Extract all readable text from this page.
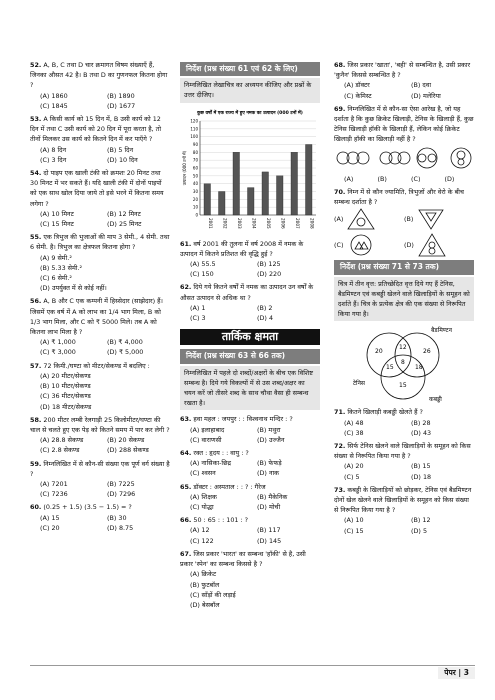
52. A, B, C तथा D चार क्रमागत विषम संख्याएँ हैं, जिनका औसत 42 है। B तथा D का गुणनफल कितना होगा ?
(A) 1860	(B) 1890
(C) 1845	(D) 1677
53. A किसी कार्य को 15 दिन में, B उसी कार्य को 12 दिन में तथा C उसी कार्य को 20 दिन में पूरा करता है, तो तीनों मिलकर उस कार्य को कितने दिन में कर पाएँगे ?
(A) 8 दिन	(B) 5 दिन
(C) 3 दिन	(D) 10 दिन
54. दो पाइप एक खाली टंकी को क्रमशः 20 मिनट तथा 30 मिनट में भर सकते हैं। यदि खाली टंकी में दोनों पाइपों को एक साथ खोल दिया जाये तो इसे भरने में कितना समय लगेगा ?
(A) 10 मिनट	(B) 12 मिनट
(C) 15 मिनट	(D) 25 मिनट
55. एक त्रिभुज की भुजाओं की माप 3 सेमी., 4 सेमी. तथा 6 सेमी. है। त्रिभुज का क्षेत्रफल कितना होगा ?
(A) 9 सेमी.²
(B) 5.33 सेमी.²
(C) 6 सेमी.²
(D) उपर्युक्त में से कोई नहीं।
56. A, B और C एक कम्पनी में हिस्सेदार (साझेदार) हैं। जिसमें एक वर्ष में A को लाभ का 1/4 भाग मिला, B को 1/3 भाग मिला, और C को ₹ 5000 मिले। तब A को कितना लाभ मिला है ?
(A) ₹ 1,000	(B) ₹ 4,000
(C) ₹ 3,000	(D) ₹ 5,000
57. 72 किमी./घण्टा को मीटर/सेकण्ड में बदलिए :
(A) 20 मीटर/सेकण्ड
(B) 10 मीटर/सेकण्ड
(C) 36 मीटर/सेकण्ड
(D) 18 मीटर/सेकण्ड
58. 200 मीटर लम्बी रेलगाड़ी 25 किलोमीटर/घण्टा की चाल से चलते हुए एक पेड़ को कितने समय में पार कर लेगी ?
(A) 28.8 सेकण्ड	(B) 20 सेकण्ड
(C) 2.8 सेकण्ड	(D) 288 सेकण्ड
59. निम्नलिखित में से कौन-सी संख्या एक पूर्ण वर्ग संख्या है ?
(A) 7201	(B) 7225
(C) 7236	(D) 7296
60. (0.25 + 1.5) (3.5 − 1.5) = ?
(A) 15	(B) 30
(C) 20	(D) 8.75
निर्देश (प्रश्न संख्या 61 एवं 62 के लिए)
निम्नलिखित लेखाचित्र का अध्ययन कीजिए और प्रश्नों के उत्तर दीजिए।
कुछ वर्षों में एक राज्य में हुए नमक का उत्पादन (000 टनों में)
0
10
20
30
40
50
60
70
80
90
100
110
120
उत्पादन (000 टनों में)
2001 2002 2003 2004 2005 2006 2007 2008
61. वर्ष 2001 की तुलना में वर्ष 2008 में नमक के उत्पादन में कितने प्रतिशत की वृद्धि हुई ?
(A) 55.5	(B) 125
(C) 150	(D) 220
62. दिये गये कितने वर्षों में नमक का उत्पादन उन वर्षों के औसत उत्पादन से अधिक था ?
(A) 1	(B) 2
(C) 3	(D) 4
तार्किक क्षमता
निर्देश (प्रश्न संख्या 63 से 66 तक)
निम्नलिखित में पहले दो शब्दों/अक्षरों के बीच एक विशिष्ट सम्बन्ध है। दिये गये विकल्पों में से उस शब्द/अक्षर का चयन करें जो तीसरे शब्द के साथ चौथा वैसा ही सम्बन्ध रखता है।
63. हवा महल : जयपुर : : विश्वनाथ मन्दिर : ?
(A) इलाहाबाद	(B) मथुरा
(C) वाराणसी	(D) उज्जैन
64. रक्त : हृदय : : वायु : ?
(A) नासिका-छिद्र	(B) फेफड़े
(C) श्वसन	(D) नाक
65. डॉक्टर : अस्पताल : : ? : गैरेज
(A) शिक्षक	(B) मैकेनिक
(C) योद्धा	(D) मोची
66. 50 : 65 : : 101 : ?
(A) 12	(B) 117
(C) 122	(D) 145
67. जिस प्रकार 'भारत' का सम्बन्ध 'हॉकी' से है, उसी प्रकार 'स्पेन' का सम्बन्ध किससे है ?
(A) क्रिकेट
(B) फुटबॉल
(C) साँड़ों की लड़ाई
(D) बेसबॉल
68. जिस प्रकार 'खाता', 'बही' से सम्बन्धित है, उसी प्रकार 'कुनैन' किससे सम्बन्धित है ?
(A) डॉक्टर	(B) दवा
(C) केमिस्ट	(D) मलेरिया
69. निम्नलिखित में से कौन-सा ऐसा आरेख है, जो यह दर्शाता है कि कुछ क्रिकेट खिलाड़ी, टेनिस के खिलाड़ी हैं, कुछ टेनिस खिलाड़ी हॉकी के खिलाड़ी हैं, लेकिन कोई क्रिकेट खिलाड़ी हॉकी का खिलाड़ी नहीं है ?
(A)	(B)	(C)	(D)
70. निम्न में से कौन ज्यामिति, त्रिभुजों और वेरो के बीच सम्बन्ध दर्शाता है ?
(A)	(B)
(C)	(D)
निर्देश (प्रश्न संख्या 71 से 73 तक)
चित्र में तीन वृत्त: प्रतिच्छेदित वृत्त दिये गए हैं टेनिस, बैडमिण्टन एवं कबड्डी खेलने वाले खिलाड़ियों के समूहन को दर्शाते हैं। चित्र के प्रत्येक क्षेत्र की एक संख्या से निरूपित किया गया है।
बैडमिण्टन
टेनिस
कबड्डी
20
12
26
15
8
18
15
71. कितने खिलाड़ी कबड्डी खेलते हैं ?
(A) 48	(B) 28
(C) 38	(D) 43
72. सिर्फ टेनिस खेलने वाले खिलाड़ियों के समूहन को किस संख्या से निरूपित किया गया है ?
(A) 20	(B) 15
(C) 5	(D) 18
73. कबड्डी के खिलाड़ियों को छोड़कर, टेनिस एवं बैडमिण्टन दोनों खेल खेलने वाले खिलाड़ियों के समूहन को किस संख्या से निरूपित किया गया है ?
(A) 10	(B) 12
(C) 15	(D) 5
पेपर | 3
